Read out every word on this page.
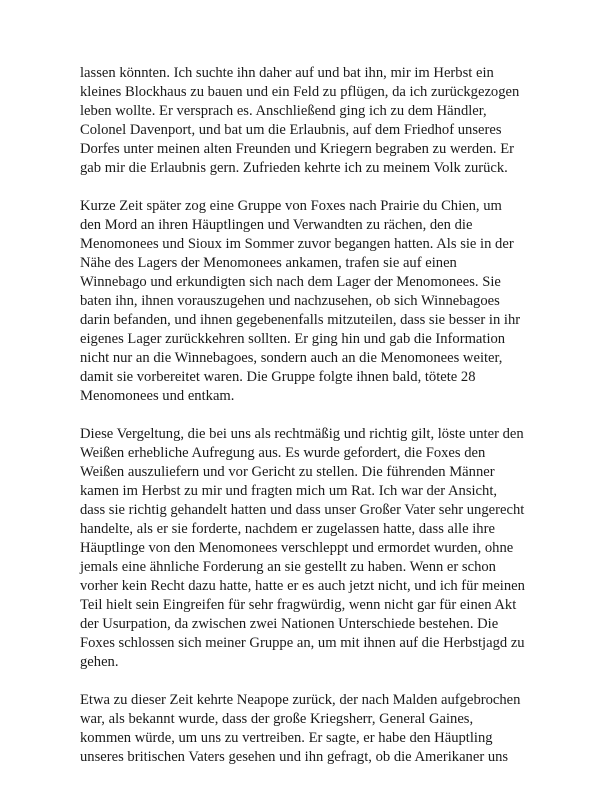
lassen könnten. Ich suchte ihn daher auf und bat ihn, mir im Herbst ein
kleines Blockhaus zu bauen und ein Feld zu pflügen, da ich zurückgezogen
leben wollte. Er versprach es. Anschließend ging ich zu dem Händler,
Colonel Davenport, und bat um die Erlaubnis, auf dem Friedhof unseres
Dorfes unter meinen alten Freunden und Kriegern begraben zu werden. Er
gab mir die Erlaubnis gern. Zufrieden kehrte ich zu meinem Volk zurück.

Kurze Zeit später zog eine Gruppe von Foxes nach Prairie du Chien, um
den Mord an ihren Häuptlingen und Verwandten zu rächen, den die
Menomonees und Sioux im Sommer zuvor begangen hatten. Als sie in der
Nähe des Lagers der Menomonees ankamen, trafen sie auf einen
Winnebago und erkundigten sich nach dem Lager der Menomonees. Sie
baten ihn, ihnen vorauszugehen und nachzusehen, ob sich Winnebagoes
darin befanden, und ihnen gegebenenfalls mitzuteilen, dass sie besser in ihr
eigenes Lager zurückkehren sollten. Er ging hin und gab die Information
nicht nur an die Winnebagoes, sondern auch an die Menomonees weiter,
damit sie vorbereitet waren. Die Gruppe folgte ihnen bald, tötete 28
Menomonees und entkam.

Diese Vergeltung, die bei uns als rechtmäßig und richtig gilt, löste unter den
Weißen erhebliche Aufregung aus. Es wurde gefordert, die Foxes den
Weißen auszuliefern und vor Gericht zu stellen. Die führenden Männer
kamen im Herbst zu mir und fragten mich um Rat. Ich war der Ansicht,
dass sie richtig gehandelt hatten und dass unser Großer Vater sehr ungerecht
handelte, als er sie forderte, nachdem er zugelassen hatte, dass alle ihre
Häuptlinge von den Menomonees verschleppt und ermordet wurden, ohne
jemals eine ähnliche Forderung an sie gestellt zu haben. Wenn er schon
vorher kein Recht dazu hatte, hatte er es auch jetzt nicht, und ich für meinen
Teil hielt sein Eingreifen für sehr fragwürdig, wenn nicht gar für einen Akt
der Usurpation, da zwischen zwei Nationen Unterschiede bestehen. Die
Foxes schlossen sich meiner Gruppe an, um mit ihnen auf die Herbstjagd zu
gehen.

Etwa zu dieser Zeit kehrte Neapope zurück, der nach Malden aufgebrochen
war, als bekannt wurde, dass der große Kriegsherr, General Gaines,
kommen würde, um uns zu vertreiben. Er sagte, er habe den Häuptling
unseres britischen Vaters gesehen und ihn gefragt, ob die Amerikaner uns
